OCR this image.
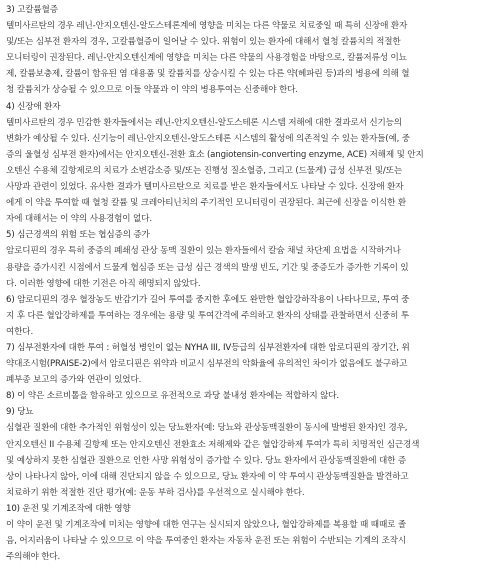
3) 고칼륨혈증
텔미사르탄의 경우 레닌-안지오텐신-알도스테론계에 영향을 미치는 다른 약물로 치료중일 때 특히 신장애 환자
및/또는 심부전 환자의 경우, 고칼륨혈증이 일어날 수 있다. 위험이 있는 환자에 대해서 혈청 칼륨치의 적절한
모니터링이 권장된다. 레닌-안지오텐신계에 영향을 미치는 다른 약물의 사용경험을 바탕으로, 칼륨저류성 이뇨
제, 칼륨보충제, 칼륨이 함유된 염 대용품 및 칼륨치를 상승시킬 수 있는 다른 약(헤파린 등)과의 병용에 의해 혈
청 칼륨치가 상승될 수 있으므로 이들 약물과 이 약의 병용투여는 신중해야 한다.
4) 신장애 환자
텔미사르탄의 경우 민감한 환자들에서는 레닌-안지오텐신-알도스테론 시스템 저해에 대한 결과로서 신기능의
변화가 예상될 수 있다. 신기능이 레닌-안지오텐신-알도스테론 시스템의 활성에 의존적일 수 있는 환자들(예, 중
증의 울혈성 심부전 환자)에서는 안지오텐신-전환 효소 (angiotensin-converting enzyme, ACE) 저해제 및 안지
오텐신 수용체 길항제로의 치료가 소변감소증 및/또는 진행성 질소혈증, 그리고 (드물게) 급성 신부전 및/또는
사망과 관련이 있었다. 유사한 결과가 텔미사르탄으로 치료를 받은 환자들에서도 나타날 수 있다. 신장애 환자
에게 이 약을 투여할 때 혈청 칼륨 및 크레아티닌치의 주기적인 모니터링이 권장된다. 최근에 신장을 이식한 환
자에 대해서는 이 약의 사용경험이 없다.
5) 심근경색의 위험 또는 협심증의 증가
암로디핀의 경우 특히 중증의 폐쇄성 관상 동맥 질환이 있는 환자들에서 칼슘 채널 차단제 요법을 시작하거나
용량을 증가시킨 시점에서 드물게 협심증 또는 급성 심근 경색의 발생 빈도, 기간 및 중증도가 증가한 기록이 있
다. 이러한 영향에 대한 기전은 아직 해명되지 않았다.
6) 암로디핀의 경우 혈장농도 반감기가 길어 투여를 중지한 후에도 완만한 혈압강하작용이 나타나므로, 투여 중
지 후 다른 혈압강하제를 투여하는 경우에는 용량 및 투여간격에 주의하고 환자의 상태를 관찰하면서 신중히 투
여한다.
7) 심부전환자에 대한 투여 : 허혈성 병인이 없는 NYHA III, IV등급의 심부전환자에 대한 암로디핀의 장기간, 위
약대조시험(PRAISE-2)에서 암로디핀은 위약과 비교시 심부전의 악화율에 유의적인 차이가 없음에도 불구하고
폐부종 보고의 증가와 연관이 있었다.
8) 이 약은 소르비톨을 함유하고 있으므로 유전적으로 과당 불내성 환자에는 적합하지 않다.
9) 당뇨
심혈관 질환에 대한 추가적인 위험성이 있는 당뇨환자(예: 당뇨와 관상동맥질환이 동시에 발병된 환자)인 경우,
안지오텐신 II 수용체 길항제 또는 안지오텐신 전환효소 저해제와 같은 혈압강하제 투여가 특히 치명적인 심근경색
및 예상하지 못한 심혈관 질환으로 인한 사망 위험성이 증가할 수 있다. 당뇨 환자에서 관상동맥질환에 대한 증
상이 나타나지 않아, 이에 대해 진단되지 않을 수 있으므로, 당뇨 환자에 이 약 투여시 관상동맥질환을 발견하고
치료하기 위한 적절한 진단 평가(예: 운동 부하 검사)를 우선적으로 실시해야 한다.
10) 운전 및 기계조작에 대한 영향
이 약이 운전 및 기계조작에 미치는 영향에 대한 연구는 실시되지 않았으나, 혈압강하제를 복용할 때 때때로 졸
음, 어지러움이 나타날 수 있으므로 이 약을 투여중인 환자는 자동차 운전 또는 위험이 수반되는 기계의 조작시
주의해야 한다.
